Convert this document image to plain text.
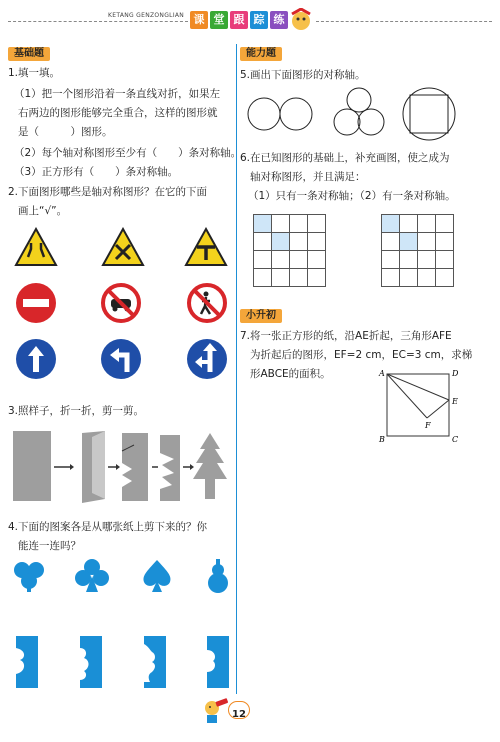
KETANG GENZONGLIAN 课 堂 跟 踪 练
基础题
1.填一填。
（1）把一个图形沿着一条直线对折，如果左
右两边的图形能够完全重合，这样的图形就
是（　　　）图形。
（2）每个轴对称图形至少有（　　）条对称轴。
（3）正方形有（　　）条对称轴。
2.下面图形哪些是轴对称图形？在它的下面
画上“√”。
3.照样子，折一折，剪一剪。
4.下面的图案各是从哪张纸上剪下来的？你
能连一连吗？
能力题
5.画出下面图形的对称轴。
6.在已知图形的基础上，补充画图，使之成为
轴对称图形，并且满足：
（1）只有一条对称轴；（2）有一条对称轴。
小升初
7.将一张正方形的纸，沿AE折起，三角形AFE
为折起后的图形，EF=2 cm，EC=3 cm，求梯
形ABCE的面积。	A	D
E
F
B	C
12
